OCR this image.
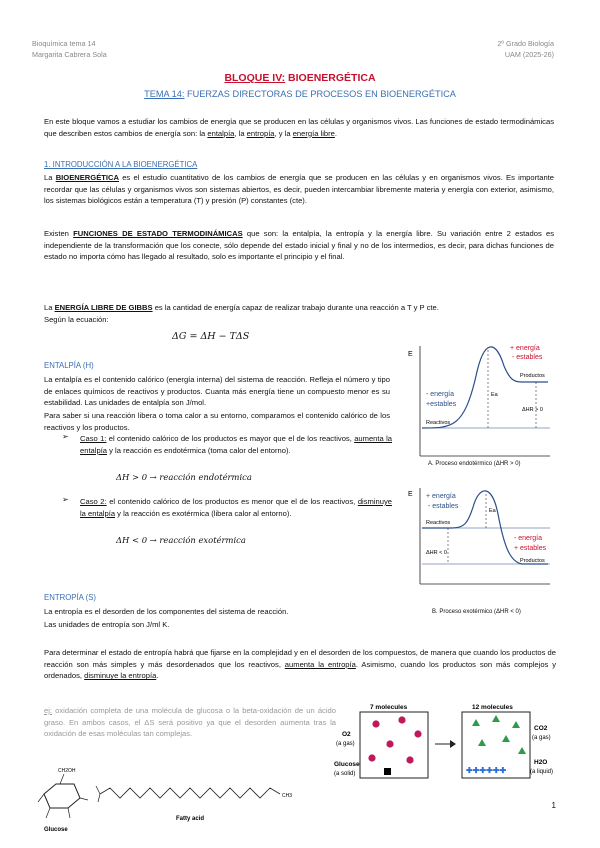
Bioquímica tema 14
Margarita Cabrera Sola
2º Grado Biología
UAM (2025-26)
BLOQUE IV: BIOENERGÉTICA
TEMA 14: FUERZAS DIRECTORAS DE PROCESOS EN BIOENERGÉTICA
En este bloque vamos a estudiar los cambios de energía que se producen en las células y organismos vivos. Las funciones de estado termodinámicas que describen estos cambios de energía son: la entalpía, la entropía, y la energía libre.
1. INTRODUCCIÓN A LA BIOENERGÉTICA
La BIOENERGÉTICA es el estudio cuantitativo de los cambios de energía que se producen en las células y en organismos vivos. Es importante recordar que las células y organismos vivos son sistemas abiertos, es decir, pueden intercambiar libremente materia y energía con exterior, asimismo, los sistemas biológicos están a temperatura (T) y presión (P) constantes (cte).
Existen FUNCIONES DE ESTADO TERMODINÁMICAS que son: la entalpía, la entropía y la energía libre. Su variación entre 2 estados es independiente de la transformación que los conecte, sólo depende del estado inicial y final y no de los intermedios, es decir, para dichas funciones de estado no importa cómo has llegado al resultado, solo es importante el principio y el final.
La ENERGÍA LIBRE DE GIBBS es la cantidad de energía capaz de realizar trabajo durante una reacción a T y P cte.
Según la ecuación:
ΔG = ΔH − TΔS
ENTALPÍA (H)
La entalpía es el contenido calórico (energía interna) del sistema de reacción. Refleja el número y tipo de enlaces químicos de reactivos y productos. Cuanta más energía tiene un compuesto menor es su estabilidad. Las unidades de entalpía son J/mol.
Para saber si una reacción libera o toma calor a su entorno, comparamos el contenido calórico de los reactivos y los productos.
➢ Caso 1: el contenido calórico de los productos es mayor que el de los reactivos, aumenta la entalpía y la reacción es endotérmica (toma calor del entorno).
ΔH > 0 → reacción endotérmica
➢ Caso 2: el contenido calórico de los productos es menor que el de los reactivos, disminuye la entalpía y la reacción es exotérmica (libera calor al entorno).
ΔH < 0 → reacción exotérmica
E
+ energía
- estables
- energía
+estables
Productos
Reactivos
Ea
ΔHR > 0
A. Proceso endotérmico (ΔHR > 0)
E + energía
- estables
- energía
+ estables
Reactivos
Productos
Ea
ΔHR < 0
B. Proceso exotérmico (ΔHR < 0)
ENTROPÍA (S)
La entropía es el desorden de los componentes del sistema de reacción.
Las unidades de entropía son J/ml K.
Para determinar el estado de entropía habrá que fijarse en la complejidad y en el desorden de los compuestos, de manera que cuando los productos de reacción son más simples y más desordenados que los reactivos, aumenta la entropía. Asimismo, cuando los productos son más complejos y ordenados, disminuye la entropía.
ej: oxidación completa de una molécula de glucosa o la beta-oxidación de un ácido graso. En ambos casos, el ΔS será positivo ya que el desorden aumenta tras la oxidación de esas moléculas tan complejas.
7 molecules
O2
(a gas)
Glucose
(a solid)
12 molecules
✚✚✚✚✚✚
CO2
(a gas)
H2O
(a liquid)
CH2OH
Glucose
CH3
Fatty acid
1
